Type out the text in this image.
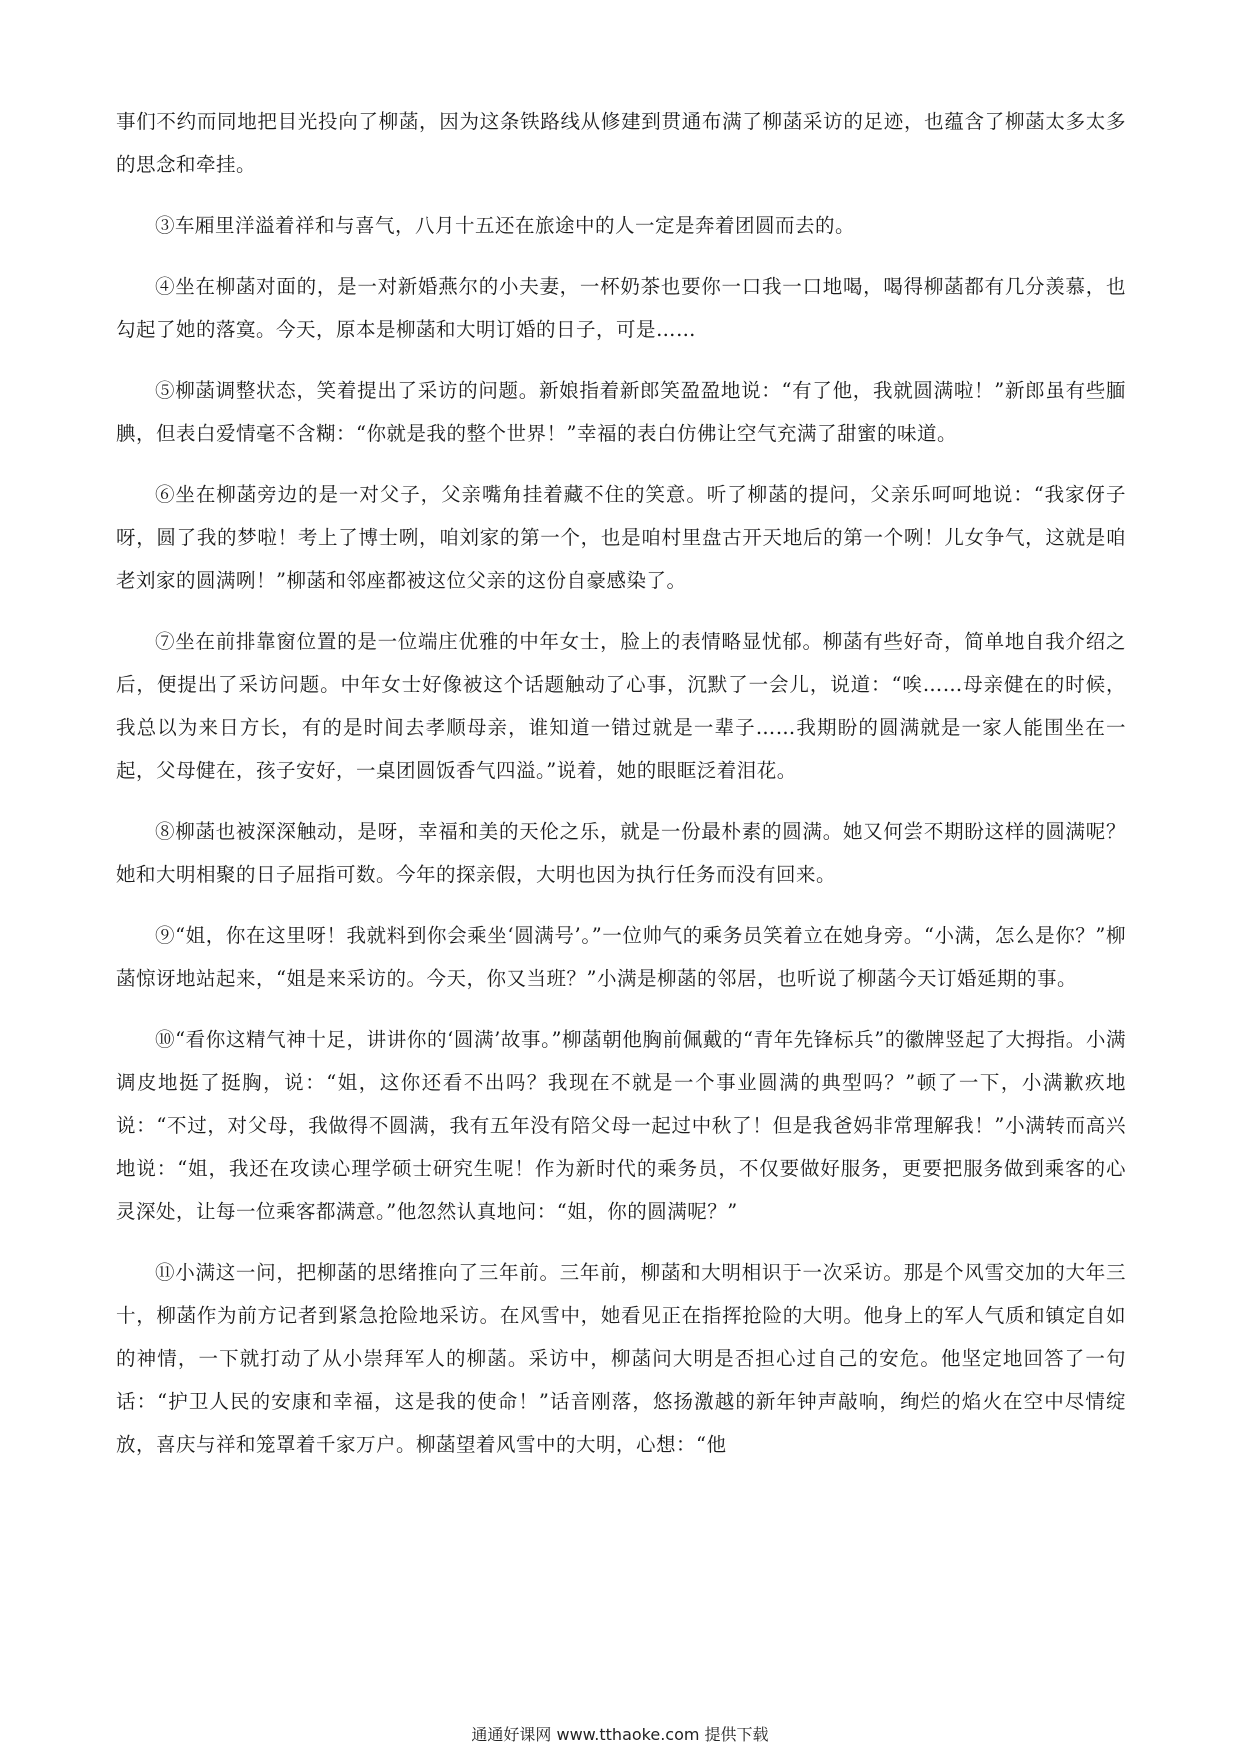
事们不约而同地把目光投向了柳菡，因为这条铁路线从修建到贯通布满了柳菡采访的足迹，也蕴含了柳菡太多太多的思念和牵挂。

③车厢里洋溢着祥和与喜气，八月十五还在旅途中的人一定是奔着团圆而去的。

④坐在柳菡对面的，是一对新婚燕尔的小夫妻，一杯奶茶也要你一口我一口地喝，喝得柳菡都有几分羡慕，也勾起了她的落寞。今天，原本是柳菡和大明订婚的日子，可是……

⑤柳菡调整状态，笑着提出了采访的问题。新娘指着新郎笑盈盈地说：“有了他，我就圆满啦！”新郎虽有些腼腆，但表白爱情毫不含糊：“你就是我的整个世界！”幸福的表白仿佛让空气充满了甜蜜的味道。

⑥坐在柳菡旁边的是一对父子，父亲嘴角挂着藏不住的笑意。听了柳菡的提问，父亲乐呵呵地说：“我家伢子呀，圆了我的梦啦！考上了博士咧，咱刘家的第一个，也是咱村里盘古开天地后的第一个咧！儿女争气，这就是咱老刘家的圆满咧！”柳菡和邻座都被这位父亲的这份自豪感染了。

⑦坐在前排靠窗位置的是一位端庄优雅的中年女士，脸上的表情略显忧郁。柳菡有些好奇，简单地自我介绍之后，便提出了采访问题。中年女士好像被这个话题触动了心事，沉默了一会儿，说道：“唉……母亲健在的时候，我总以为来日方长，有的是时间去孝顺母亲，谁知道一错过就是一辈子……我期盼的圆满就是一家人能围坐在一起，父母健在，孩子安好，一桌团圆饭香气四溢。”说着，她的眼眶泛着泪花。

⑧柳菡也被深深触动，是呀，幸福和美的天伦之乐，就是一份最朴素的圆满。她又何尝不期盼这样的圆满呢？她和大明相聚的日子屈指可数。今年的探亲假，大明也因为执行任务而没有回来。

⑨“姐，你在这里呀！我就料到你会乘坐‘圆满号’。”一位帅气的乘务员笑着立在她身旁。“小满，怎么是你？”柳菡惊讶地站起来，“姐是来采访的。今天，你又当班？”小满是柳菡的邻居，也听说了柳菡今天订婚延期的事。

⑩“看你这精气神十足，讲讲你的‘圆满’故事。”柳菡朝他胸前佩戴的“青年先锋标兵”的徽牌竖起了大拇指。小满调皮地挺了挺胸，说：“姐，这你还看不出吗？我现在不就是一个事业圆满的典型吗？”顿了一下，小满歉疚地说：“不过，对父母，我做得不圆满，我有五年没有陪父母一起过中秋了！但是我爸妈非常理解我！”小满转而高兴地说：“姐，我还在攻读心理学硕士研究生呢！作为新时代的乘务员，不仅要做好服务，更要把服务做到乘客的心灵深处，让每一位乘客都满意。”他忽然认真地问：“姐，你的圆满呢？”

⑪小满这一问，把柳菡的思绪推向了三年前。三年前，柳菡和大明相识于一次采访。那是个风雪交加的大年三十，柳菡作为前方记者到紧急抢险地采访。在风雪中，她看见正在指挥抢险的大明。他身上的军人气质和镇定自如的神情，一下就打动了从小崇拜军人的柳菡。采访中，柳菡问大明是否担心过自己的安危。他坚定地回答了一句话：“护卫人民的安康和幸福，这是我的使命！”话音刚落，悠扬激越的新年钟声敲响，绚烂的焰火在空中尽情绽放，喜庆与祥和笼罩着千家万户。柳菡望着风雪中的大明，心想：“他

通通好课网 www.tthaoke.com 提供下载
